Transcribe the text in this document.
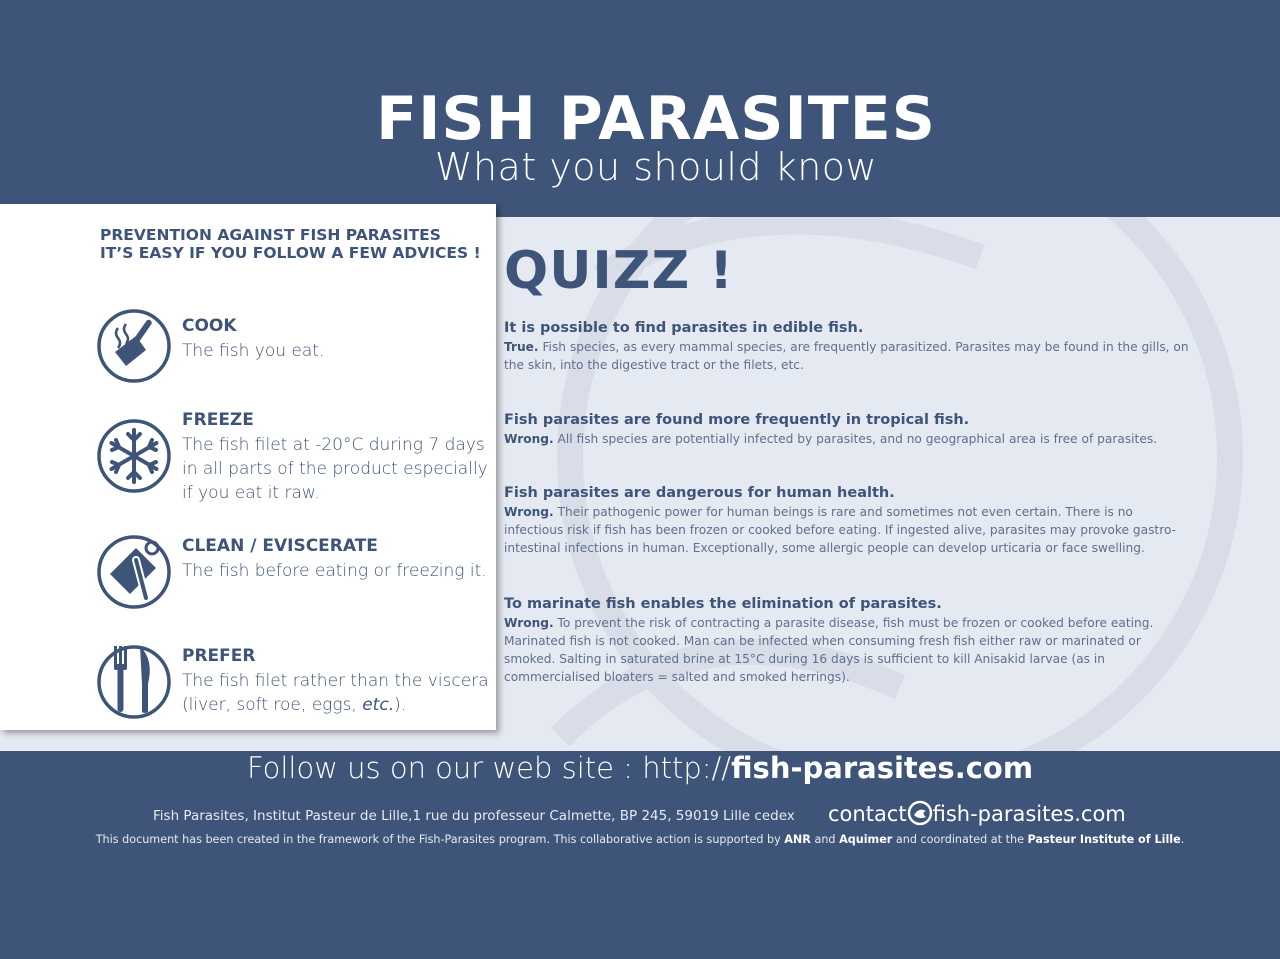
FISH PARASITES
What you should know
PREVENTION AGAINST FISH PARASITES
IT’S EASY IF YOU FOLLOW A FEW ADVICES !
COOK
The fish you eat.
FREEZE
The fish filet at -20°C during 7 days in all parts of the product especially if you eat it raw.
CLEAN / EVISCERATE
The fish before eating or freezing it.
PREFER
The fish filet rather than the viscera (liver, soft roe, eggs, etc.).
QUIZZ !

It is possible to find parasites in edible fish.

True. Fish species, as every mammal species, are frequently parasitized. Parasites may be found in the gills, on the skin, into the digestive tract or the filets, etc.

Fish parasites are found more frequently in tropical fish.

Wrong. All fish species are potentially infected by parasites, and no geographical area is free of parasites.

Fish parasites are dangerous for human health.

Wrong. Their pathogenic power for human beings is rare and sometimes not even certain. There is no infectious risk if fish has been frozen or cooked before eating. If ingested alive, parasites may provoke gastro-intestinal infections in human. Exceptionally, some allergic people can develop urticaria or face swelling.

To marinate fish enables the elimination of parasites.

Wrong. To prevent the risk of contracting a parasite disease, fish must be frozen or cooked before eating. Marinated fish is not cooked. Man can be infected when consuming fresh fish either raw or marinated or smoked. Salting in saturated brine at 15°C during 16 days is sufficient to kill Anisakid larvae (as in commercialised bloaters = salted and smoked herrings).

Follow us on our web site : http://fish-parasites.com
Fish Parasites, Institut Pasteur de Lille,1 rue du professeur Calmette, BP 245, 59019 Lille cedex contact fish-parasites.com
This document has been created in the framework of the Fish-Parasites program. This collaborative action is supported by ANR and Aquimer and coordinated at the Pasteur Institute of Lille.
